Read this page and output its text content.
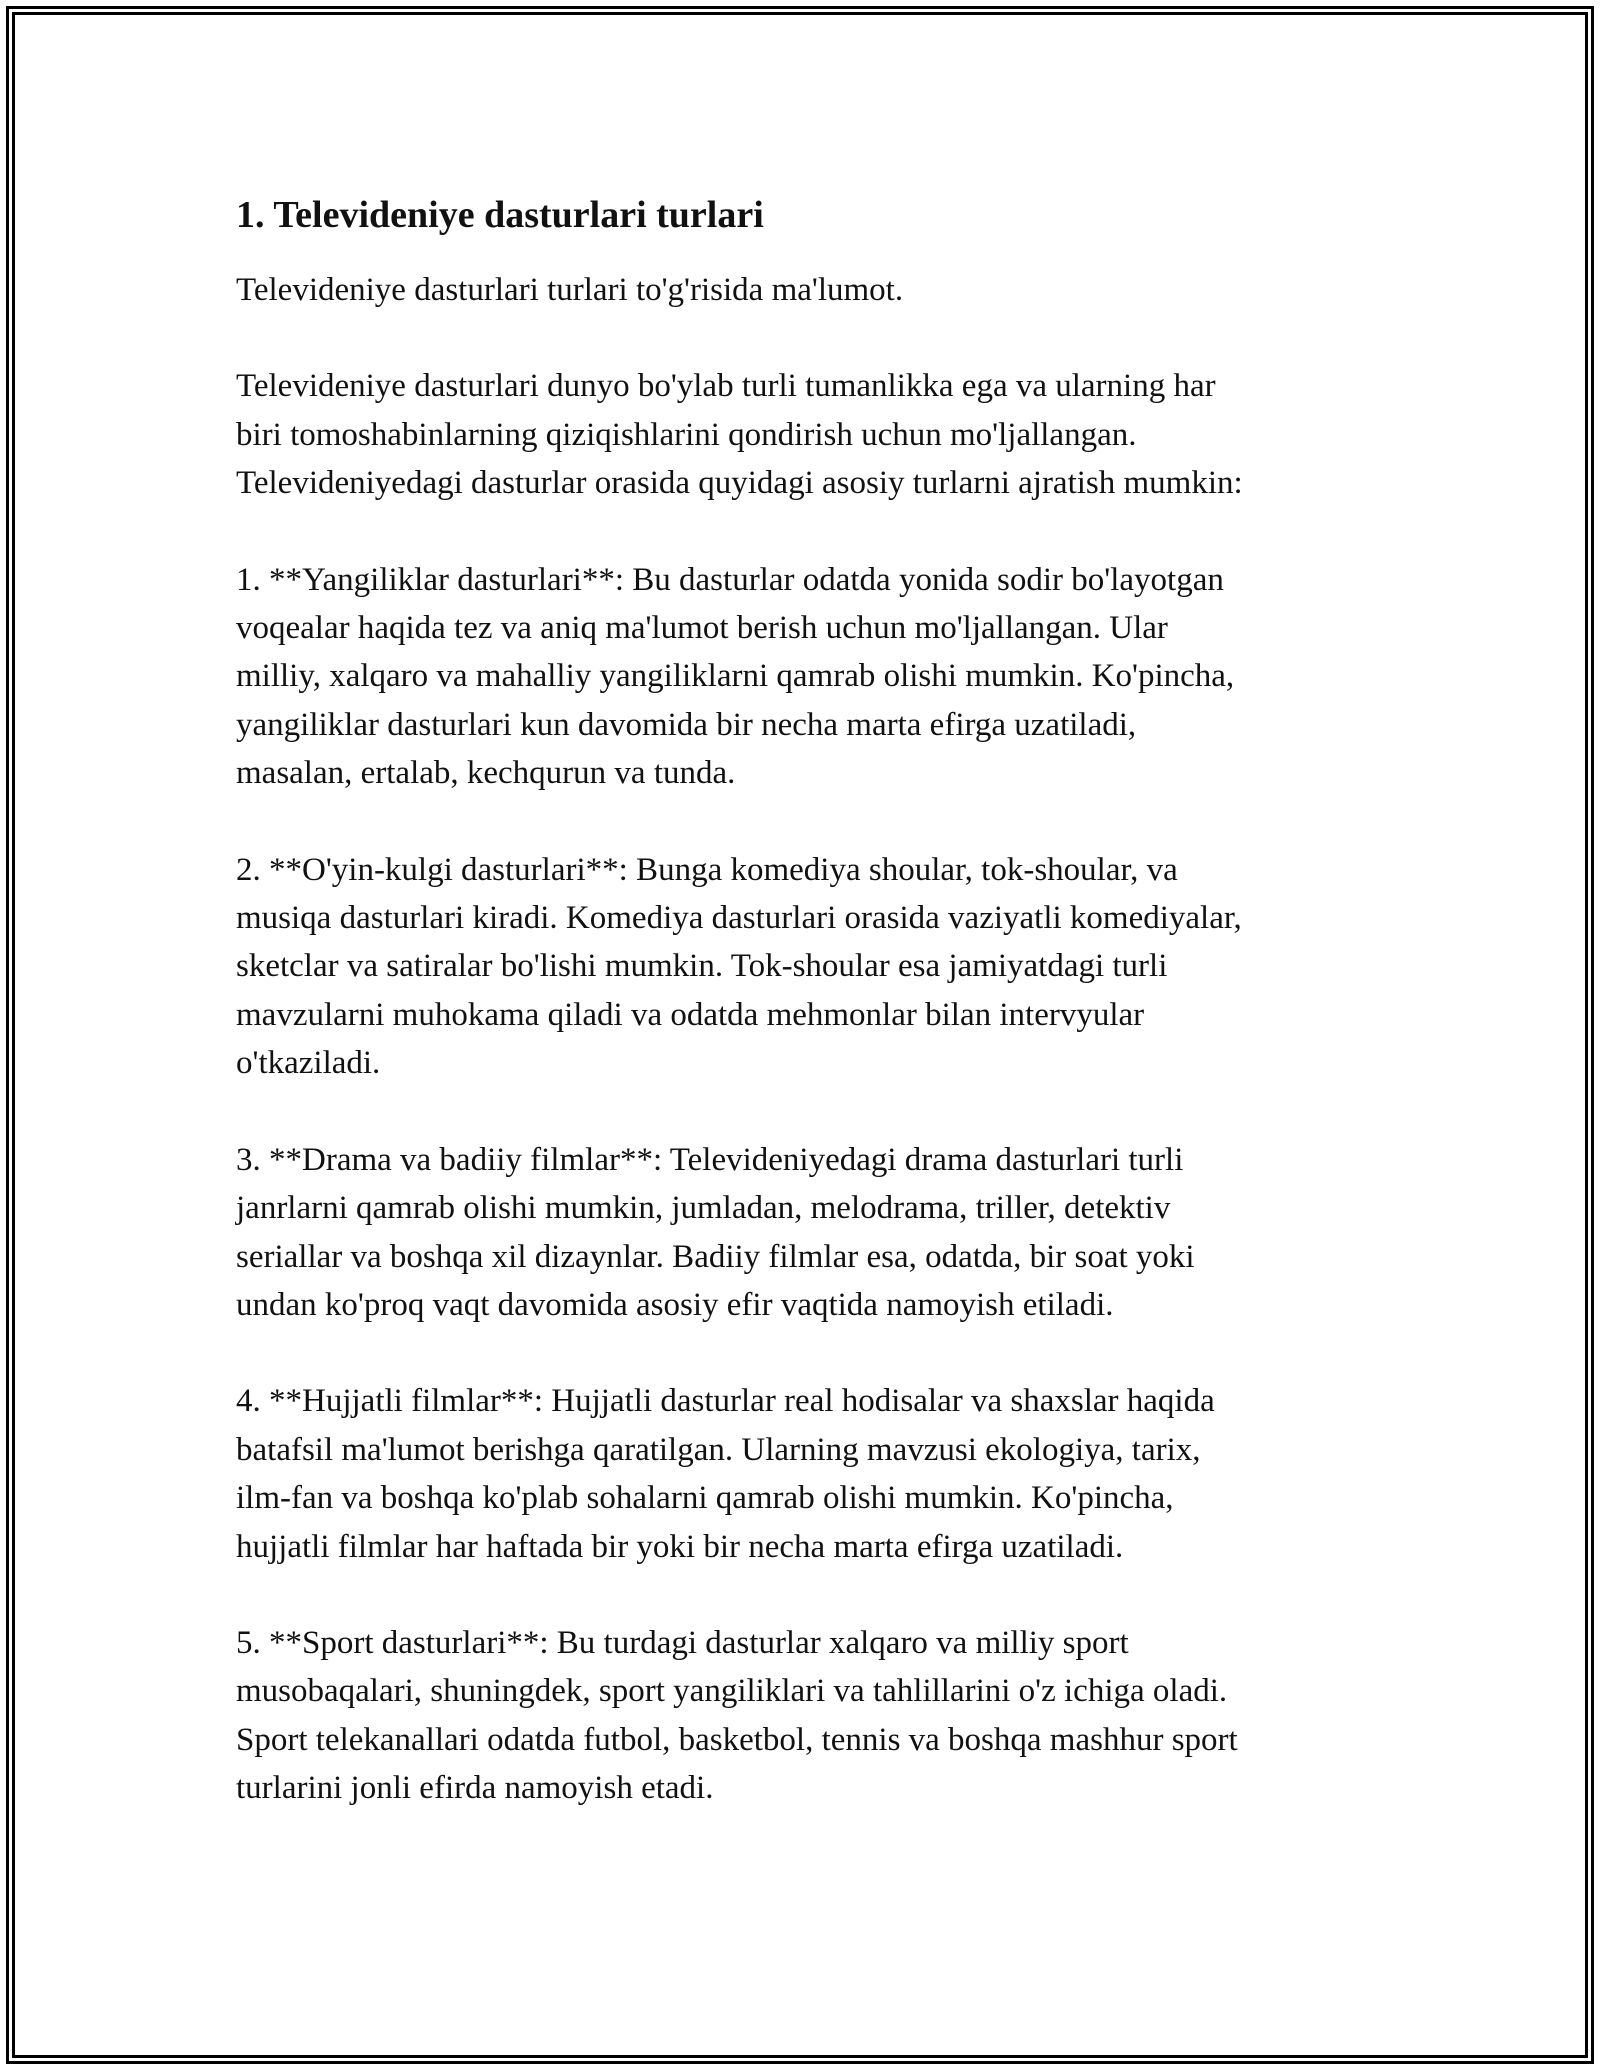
1. Televideniye dasturlari turlari

Televideniye dasturlari turlari to'g'risida ma'lumot.

Televideniye dasturlari dunyo bo'ylab turli tumanlikka ega va ularning har
biri tomoshabinlarning qiziqishlarini qondirish uchun mo'ljallangan.
Televideniyedagi dasturlar orasida quyidagi asosiy turlarni ajratish mumkin:

1. **Yangiliklar dasturlari**: Bu dasturlar odatda yonida sodir bo'layotgan
voqealar haqida tez va aniq ma'lumot berish uchun mo'ljallangan. Ular
milliy, xalqaro va mahalliy yangiliklarni qamrab olishi mumkin. Ko'pincha,
yangiliklar dasturlari kun davomida bir necha marta efirga uzatiladi,
masalan, ertalab, kechqurun va tunda.

2. **O'yin-kulgi dasturlari**: Bunga komediya shoular, tok-shoular, va
musiqa dasturlari kiradi. Komediya dasturlari orasida vaziyatli komediyalar,
sketclar va satiralar bo'lishi mumkin. Tok-shoular esa jamiyatdagi turli
mavzularni muhokama qiladi va odatda mehmonlar bilan intervyular
o'tkaziladi.

3. **Drama va badiiy filmlar**: Televideniyedagi drama dasturlari turli
janrlarni qamrab olishi mumkin, jumladan, melodrama, triller, detektiv
seriallar va boshqa xil dizaynlar. Badiiy filmlar esa, odatda, bir soat yoki
undan ko'proq vaqt davomida asosiy efir vaqtida namoyish etiladi.

4. **Hujjatli filmlar**: Hujjatli dasturlar real hodisalar va shaxslar haqida
batafsil ma'lumot berishga qaratilgan. Ularning mavzusi ekologiya, tarix,
ilm-fan va boshqa ko'plab sohalarni qamrab olishi mumkin. Ko'pincha,
hujjatli filmlar har haftada bir yoki bir necha marta efirga uzatiladi.

5. **Sport dasturlari**: Bu turdagi dasturlar xalqaro va milliy sport
musobaqalari, shuningdek, sport yangiliklari va tahlillarini o'z ichiga oladi.
Sport telekanallari odatda futbol, basketbol, tennis va boshqa mashhur sport
turlarini jonli efirda namoyish etadi.
